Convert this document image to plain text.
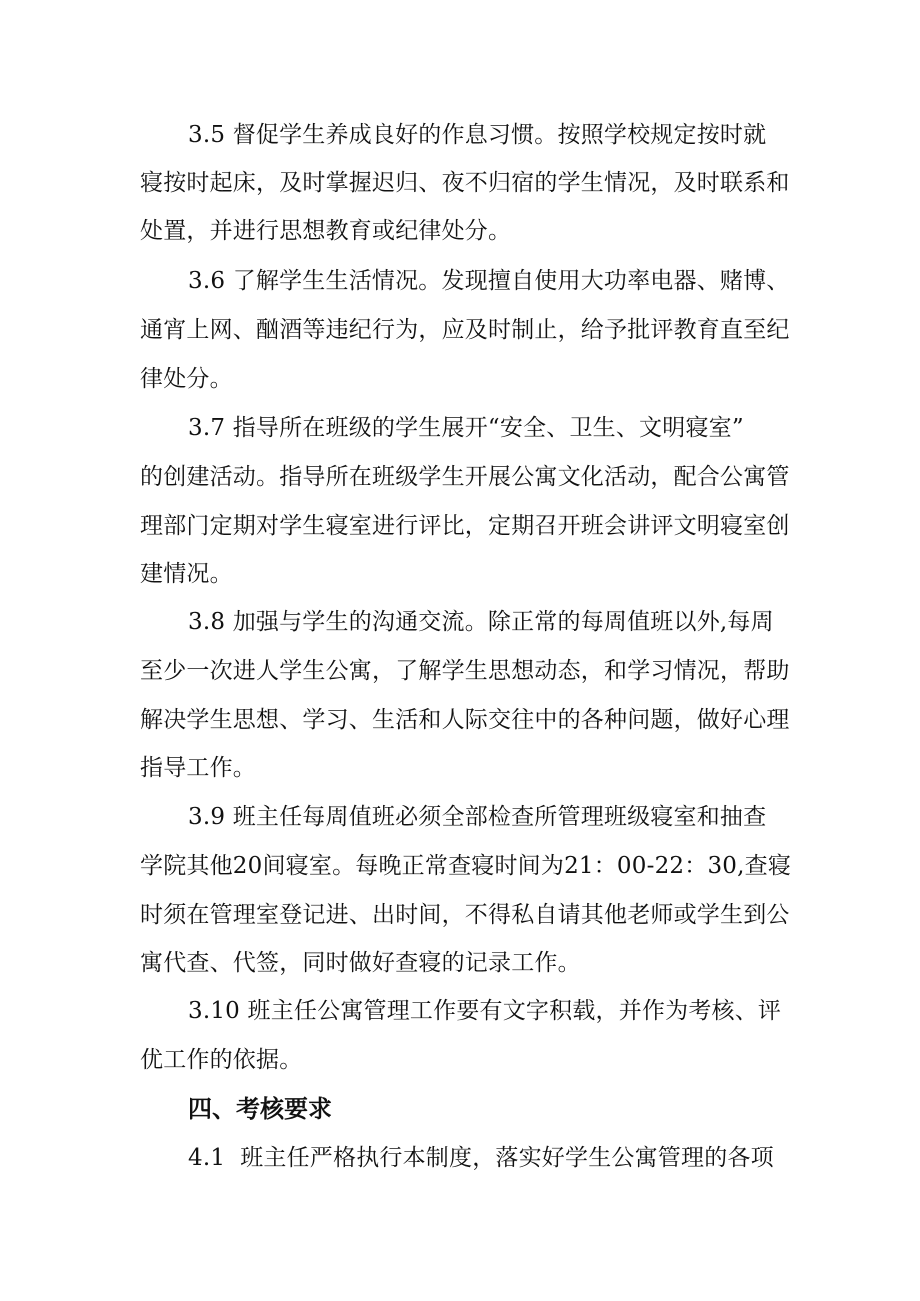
3.5 督促学生养成良好的作息习惯。按照学校规定按时就
寝按时起床，及时掌握迟归、夜不归宿的学生情况，及时联系和
处置，并进行思想教育或纪律处分。
3.6 了解学生生活情况。发现擅自使用大功率电器、赌博、
通宵上网、酗酒等违纪行为，应及时制止，给予批评教育直至纪
律处分。
3.7 指导所在班级的学生展开“安全、卫生、文明寝室”
的创建活动。指导所在班级学生开展公寓文化活动，配合公寓管
理部门定期对学生寝室进行评比，定期召开班会讲评文明寝室创
建情况。
3.8 加强与学生的沟通交流。除正常的每周值班以外,每周
至少一次进人学生公寓，了解学生思想动态，和学习情况，帮助
解决学生思想、学习、生活和人际交往中的各种问题，做好心理
指导工作。
3.9 班主任每周值班必须全部检查所管理班级寝室和抽查
学院其他20间寝室。每晚正常查寝时间为21：00-22：30,查寝
时须在管理室登记进、出时间，不得私自请其他老师或学生到公
寓代查、代签，同时做好查寝的记录工作。
3.10 班主任公寓管理工作要有文字积载，并作为考核、评
优工作的依据。
四、考核要求
4.1  班主任严格执行本制度，落实好学生公寓管理的各项
